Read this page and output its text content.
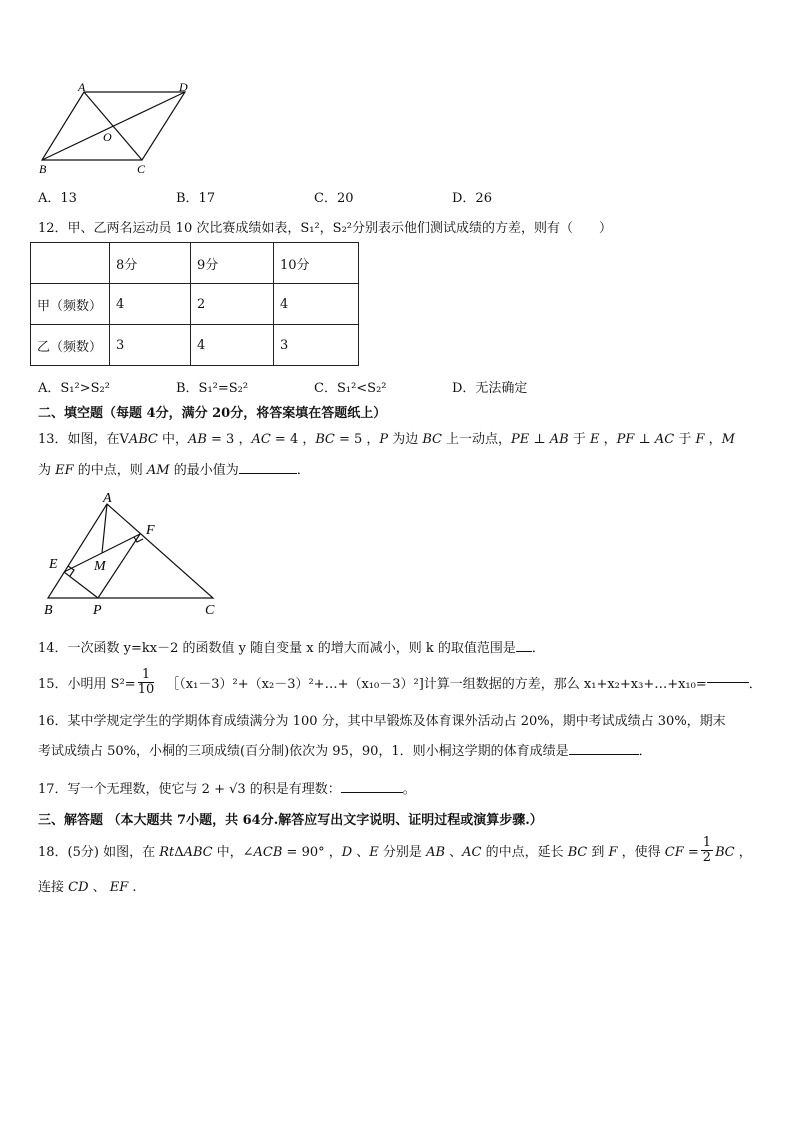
A	D
O
B	C
A．13	B．17	C．20	D．26
12．甲、乙两名运动员 10 次比赛成绩如表，S₁²，S₂²分别表示他们测试成绩的方差，则有（　　）
	8分	9分	10分
甲（频数）	4	2	4
乙（频数）	3	4	3
A．S₁²>S₂²	B．S₁²=S₂²	C．S₁²<S₂²	D．无法确定
二、填空题（每题 4分，满分 20分，将答案填在答题纸上）
13．如图，在V𝐴𝐵𝐶 中，𝐴𝐵 = 3 ，𝐴𝐶 = 4 ，𝐵𝐶 = 5 ，𝑃 为边 𝐵𝐶 上一动点，𝑃𝐸 ⊥ 𝐴𝐵 于 𝐸 ，𝑃𝐹 ⊥ 𝐴𝐶 于 𝐹 ，𝑀
为 𝐸𝐹 的中点，则 𝐴𝑀 的最小值为	．
A
F
E	M
B	P	C
14．一次函数 y=kx－2 的函数值 y 随自变量 x 的增大而减小，则 k 的取值范围是 ．
15．小明用 $S^2= \frac{1}{10}$ ［（x₁－3）²+（x₂－3）²+…+（x₁₀－3）²]计算一组数据的方差，那么 x₁+x₂+x₃+…+x₁₀=	．
16．某中学规定学生的学期体育成绩满分为 100 分，其中早锻炼及体育课外活动占 20%，期中考试成绩占 30%，期末
考试成绩占 50%，小桐的三项成绩(百分制)依次为 95，90，1．则小桐这学期的体育成绩是	．
17．写一个无理数，使它与 2 + √3 的积是有理数：	。
三、解答题 （本大题共 7小题，共 64分.解答应写出文字说明、证明过程或演算步骤.）
18．(5分) 如图，在 𝑅𝑡Δ𝐴𝐵𝐶 中，∠𝐴𝐶𝐵 = 90° ，𝐷 、𝐸 分别是 𝐴𝐵 、𝐴𝐶 的中点，延长 𝐵𝐶 到 𝐹 ，使得 𝐶𝐹 = $\frac{1}{2}$ 𝐵𝐶 ，
连接 𝐶𝐷 、 𝐸𝐹 .
